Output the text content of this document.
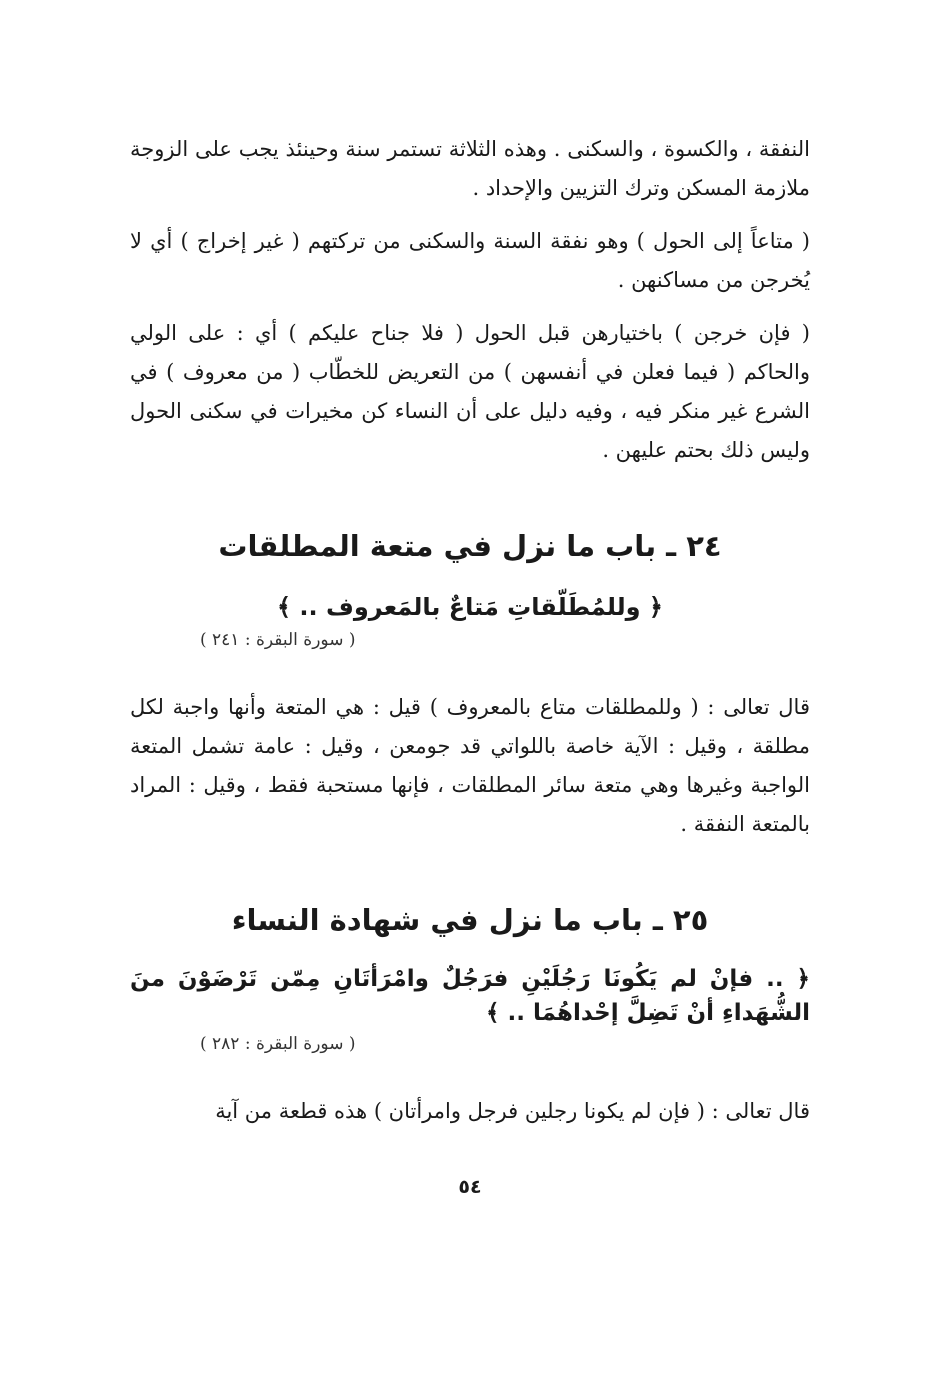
النفقة ، والكسوة ، والسكنى . وهذه الثلاثة تستمر سنة وحينئذ يجب على الزوجة ملازمة المسكن وترك التزيين والإحداد .

( متاعاً إلى الحول ) وهو نفقة السنة والسكنى من تركتهم ( غير إخراج ) أي لا يُخرجن من مساكنهن .

( فإن خرجن ) باختيارهن قبل الحول ( فلا جناح عليكم ) أي : على الولي والحاكم ( فيما فعلن في أنفسهن ) من التعريض للخطّاب ( من معروف ) في الشرع غير منكر فيه ، وفيه دليل على أن النساء كن مخيرات في سكنى الحول وليس ذلك بحتم عليهن .

٢٤ ـ باب ما نزل في متعة المطلقات

﴿ وللمُطَلّقاتِ مَتاعٌ بالمَعروف .. ﴾

( سورة البقرة : ٢٤١ )

قال تعالى : ( وللمطلقات متاع بالمعروف ) قيل : هي المتعة وأنها واجبة لكل مطلقة ، وقيل : الآية خاصة باللواتي قد جومعن ، وقيل : عامة تشمل المتعة الواجبة وغيرها وهي متعة سائر المطلقات ، فإنها مستحبة فقط ، وقيل : المراد بالمتعة النفقة .

٢٥ ـ باب ما نزل في شهادة النساء

﴿ .. فإنْ لم يَكُونَا رَجُلَيْنِ فرَجُلٌ وامْرَأتَانِ مِمّن تَرْضَوْنَ منَ الشُّهَداءِ أنْ تَضِلَّ إحْداهُمَا .. ﴾

( سورة البقرة : ٢٨٢ )

قال تعالى : ( فإن لم يكونا رجلين فرجل وامرأتان ) هذه قطعة من آية

٥٤
